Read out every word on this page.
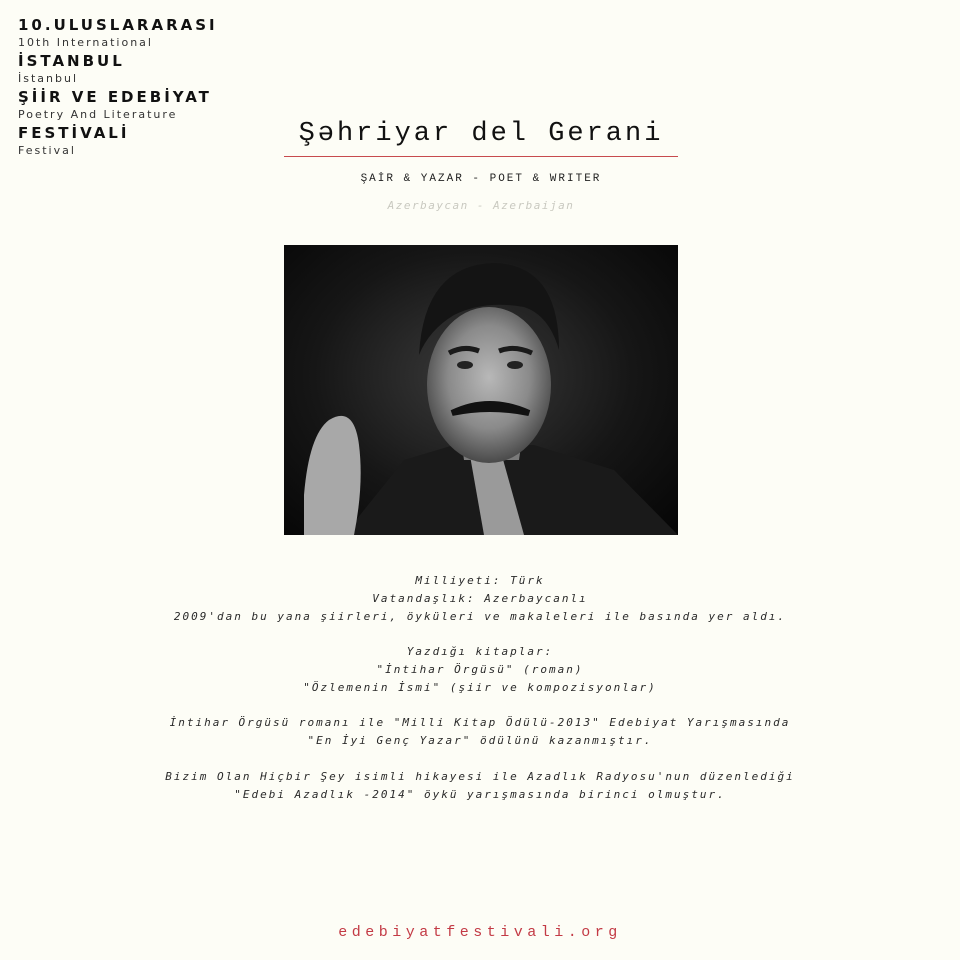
10.ULUSLARARASI
10th International
İSTANBUL
İstanbul
ŞİİR VE EDEBİYAT
Poetry And Literature
FESTİVALİ
Festival
Şəhriyar del Gerani
ŞAİR & YAZAR - POET & WRITER
Azerbaycan - Azerbaijan
Milliyeti: Türk
Vatandaşlık: Azerbaycanlı
2009'dan bu yana şiirleri, öyküleri ve makaleleri ile basında yer aldı.
Yazdığı kitaplar:
"İntihar Örgüsü" (roman)
"Özlemenin İsmi" (şiir ve kompozisyonlar)
İntihar Örgüsü romanı ile "Milli Kitap Ödülü-2013" Edebiyat Yarışmasında
"En İyi Genç Yazar" ödülünü kazanmıştır.
Bizim Olan Hiçbir Şey isimli hikayesi ile Azadlık Radyosu'nun düzenlediği
"Edebi Azadlık -2014" öykü yarışmasında birinci olmuştur.
edebiyatfestivali.org
